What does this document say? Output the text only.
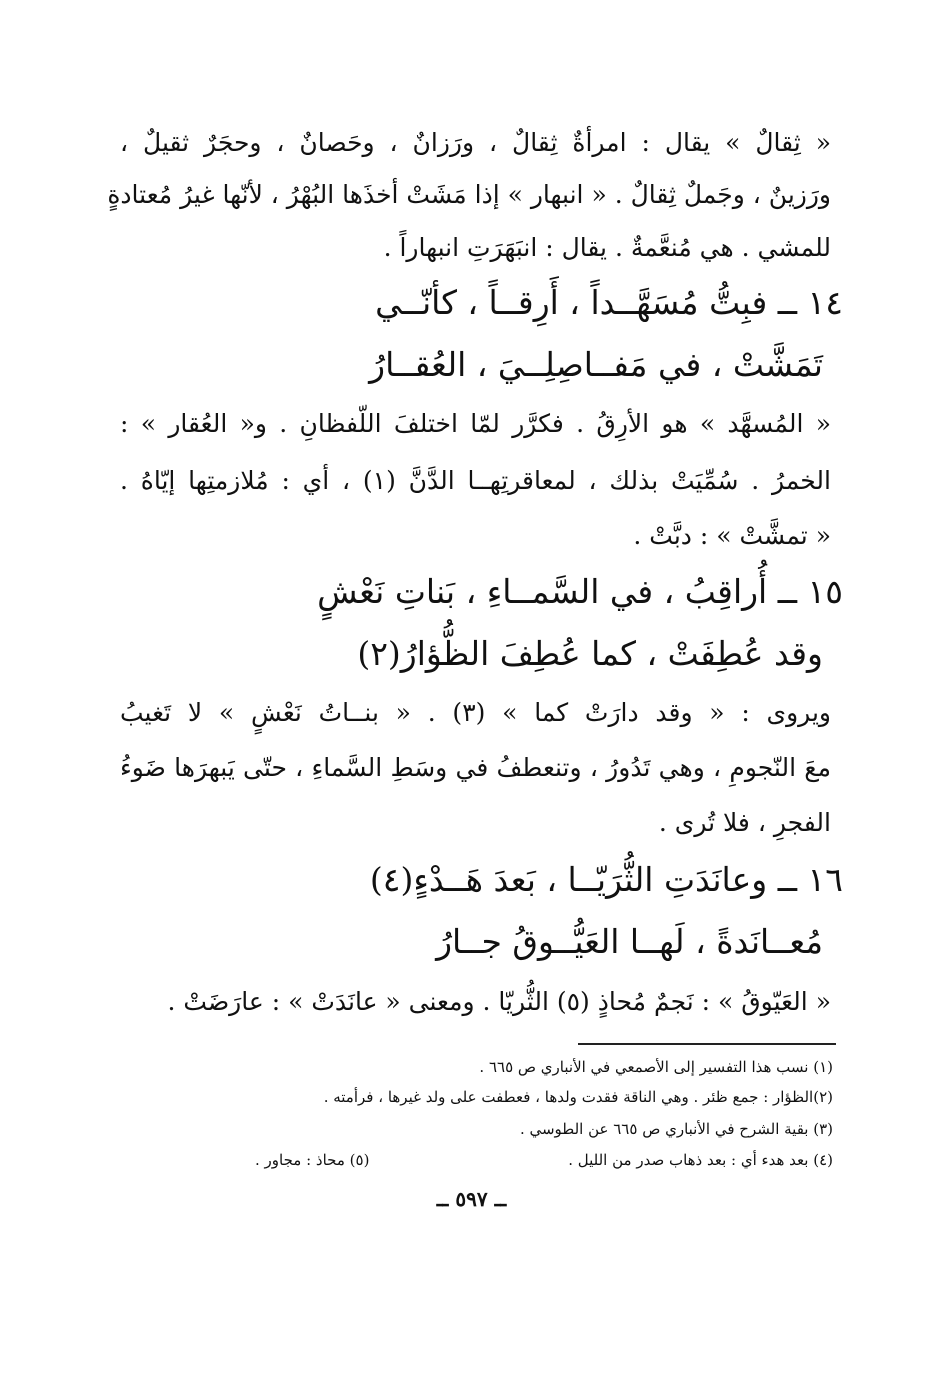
« ثِقالٌ » يقال : امرأةٌ ثِقالٌ ، ورَزانٌ ، وحَصانٌ ، وحجَرٌ ثقيلٌ ،
ورَزينٌ ، وجَملٌ ثِقالٌ . « انبهار » إذا مَشَتْ أخذَها البُهْرُ ، لأنّها غيرُ مُعتادةٍ
للمشي . هي مُنعَّمةٌ . يقال : انبَهَرَتِ انبهاراً .
١٤ ــ فبِتُّ مُسَهَّــداً ، أَرِقــاً ، كأنّــي
تَمَشَّتْ ، في مَفــاصِلِــيَ ، العُقــارُ
« المُسهَّد » هو الأرِقُ . فكرَّر لمّا اختلفَ اللّفظانِ . و« العُقار » :
الخمرُ . سُمِّيَتْ بذلك ، لمعاقرتِهــا الدَّنَّ (١) ، أي : مُلازمتِها إيّاهُ .
« تمشَّتْ » : دبَّتْ .
١٥ ــ أُراقِبُ ، في السَّمــاءِ ، بَناتِ نَعْشٍ
وقد عُطِفَتْ ، كما عُطِفَ الظُّؤارُ(٢)
ويروى : « وقد دارَتْ كما » (٣) . « بنــاتُ نَعْشٍ » لا تَغيبُ
معَ النّجومِ ، وهي تَدُورُ ، وتنعطفُ في وسَطِ السَّماءِ ، حتّى يَبهرَها ضَوءُ
الفجرِ ، فلا تُرى .
١٦ ــ وعانَدَتِ الثُّرَيّــا ، بَعدَ هَــدْءٍ(٤)
مُعــانَدةً ، لَهــا العَيُّــوقُ جــارُ
« العَيّوقُ » : نَجمٌ مُحاذٍ (٥) الثُّريّا . ومعنى « عانَدَتْ » : عارَضَتْ .
(١) نسب هذا التفسير إلى الأصمعي في الأنباري ص ٦٦٥ .
(٢)الظؤار : جمع ظئر . وهي الناقة فقدت ولدها ، فعطفت على ولد غيرها ، فرأمته .
(٣) بقية الشرح في الأنباري ص ٦٦٥ عن الطوسي .
(٤) بعد هدء أي : بعد ذهاب صدر من الليل .
(٥) محاذ : مجاور .
ــ ٥٩٧ ــ
